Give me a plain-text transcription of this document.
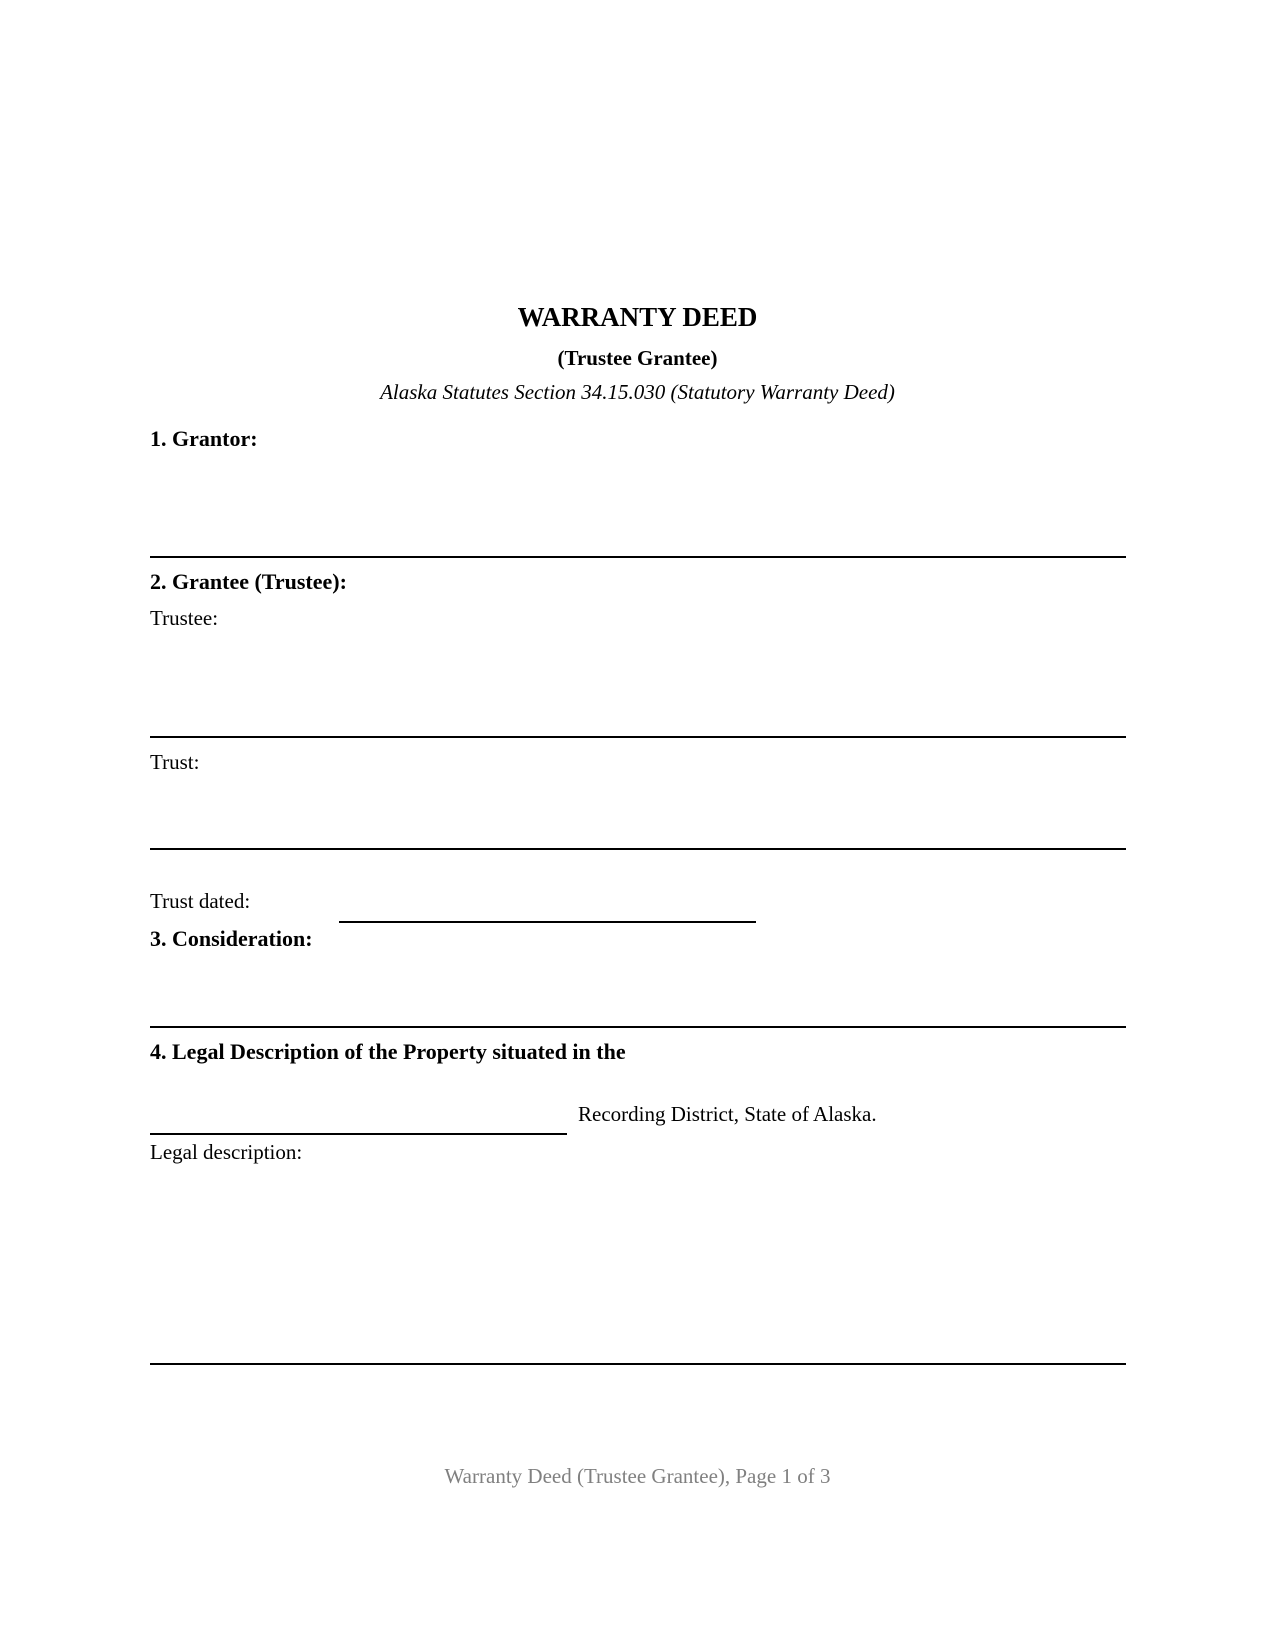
WARRANTY DEED
(Trustee Grantee)
Alaska Statutes Section 34.15.030 (Statutory Warranty Deed)
1. Grantor:
2. Grantee (Trustee):
Trustee:
Trust:
Trust dated:
3. Consideration:
4. Legal Description of the Property situated in the
Recording District, State of Alaska.
Legal description:
Warranty Deed (Trustee Grantee), Page 1 of 3
